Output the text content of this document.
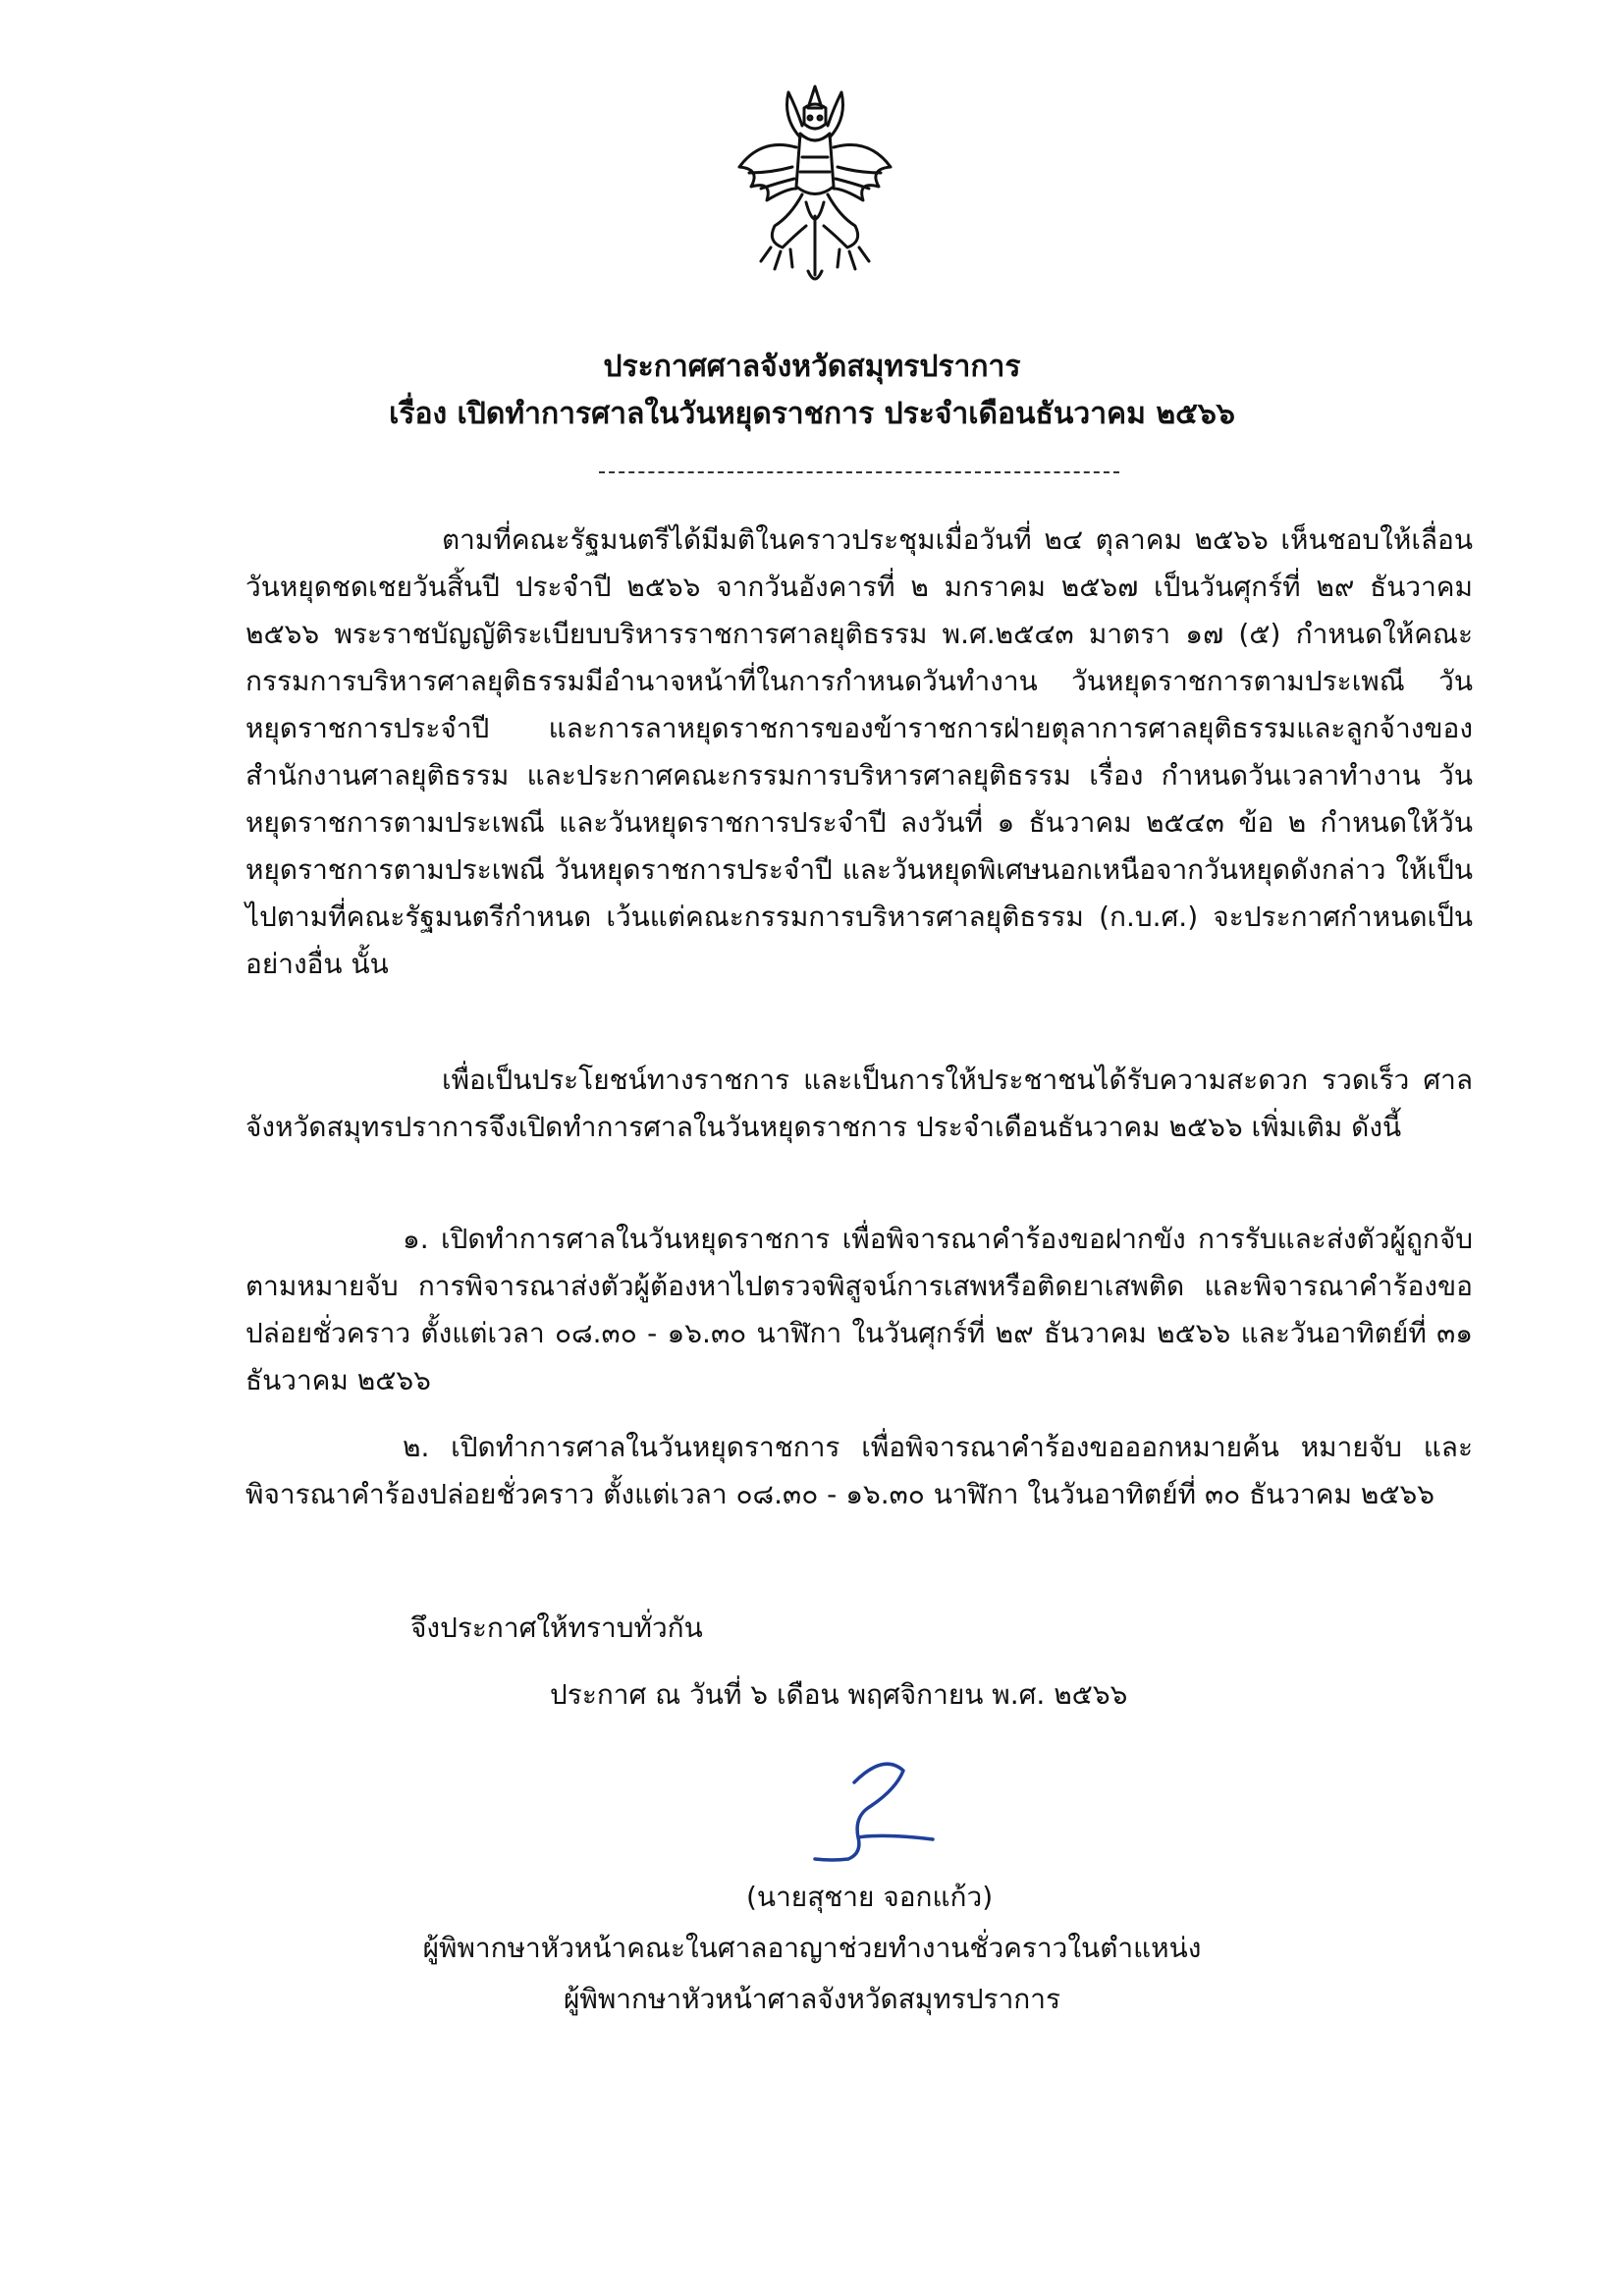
ประกาศศาลจังหวัดสมุทรปราการ

เรื่อง เปิดทำการศาลในวันหยุดราชการ ประจำเดือนธันวาคม ๒๕๖๖

ตามที่คณะรัฐมนตรีได้มีมติในคราวประชุมเมื่อวันที่ ๒๔ ตุลาคม ๒๕๖๖ เห็นชอบให้เลื่อนวันหยุดชดเชยวันสิ้นปี ประจำปี ๒๕๖๖ จากวันอังคารที่ ๒ มกราคม ๒๕๖๗ เป็นวันศุกร์ที่ ๒๙ ธันวาคม ๒๕๖๖ พระราชบัญญัติระเบียบบริหารราชการศาลยุติธรรม พ.ศ.๒๕๔๓ มาตรา ๑๗ (๕) กำหนดให้คณะกรรมการบริหารศาลยุติธรรมมีอำนาจหน้าที่ในการกำหนดวันทำงาน วันหยุดราชการตามประเพณี วันหยุดราชการประจำปี และการลาหยุดราชการของข้าราชการฝ่ายตุลาการศาลยุติธรรมและลูกจ้างของสำนักงานศาลยุติธรรม และประกาศคณะกรรมการบริหารศาลยุติธรรม เรื่อง กำหนดวันเวลาทำงาน วันหยุดราชการตามประเพณี และวันหยุดราชการประจำปี ลงวันที่ ๑ ธันวาคม ๒๕๔๓ ข้อ ๒ กำหนดให้วันหยุดราชการตามประเพณี วันหยุดราชการประจำปี และวันหยุดพิเศษนอกเหนือจากวันหยุดดังกล่าว ให้เป็นไปตามที่คณะรัฐมนตรีกำหนด เว้นแต่คณะกรรมการบริหารศาลยุติธรรม (ก.บ.ศ.) จะประกาศกำหนดเป็นอย่างอื่น นั้น

เพื่อเป็นประโยชน์ทางราชการ และเป็นการให้ประชาชนได้รับความสะดวก รวดเร็ว ศาลจังหวัดสมุทรปราการจึงเปิดทำการศาลในวันหยุดราชการ ประจำเดือนธันวาคม ๒๕๖๖ เพิ่มเติม ดังนี้

๑. เปิดทำการศาลในวันหยุดราชการ เพื่อพิจารณาคำร้องขอฝากขัง การรับและส่งตัวผู้ถูกจับตามหมายจับ การพิจารณาส่งตัวผู้ต้องหาไปตรวจพิสูจน์การเสพหรือติดยาเสพติด และพิจารณาคำร้องขอปล่อยชั่วคราว ตั้งแต่เวลา ๐๘.๓๐ - ๑๖.๓๐ นาฬิกา ในวันศุกร์ที่ ๒๙ ธันวาคม ๒๕๖๖ และวันอาทิตย์ที่ ๓๑ ธันวาคม ๒๕๖๖

๒. เปิดทำการศาลในวันหยุดราชการ เพื่อพิจารณาคำร้องขอออกหมายค้น หมายจับ และพิจารณาคำร้องปล่อยชั่วคราว ตั้งแต่เวลา ๐๘.๓๐ - ๑๖.๓๐ นาฬิกา ในวันอาทิตย์ที่ ๓๐ ธันวาคม ๒๕๖๖

จึงประกาศให้ทราบทั่วกัน

ประกาศ ณ วันที่ ๖ เดือน พฤศจิกายน พ.ศ. ๒๕๖๖

(นายสุชาย จอกแก้ว)

ผู้พิพากษาหัวหน้าคณะในศาลอาญาช่วยทำงานชั่วคราวในตำแหน่ง

ผู้พิพากษาหัวหน้าศาลจังหวัดสมุทรปราการ
